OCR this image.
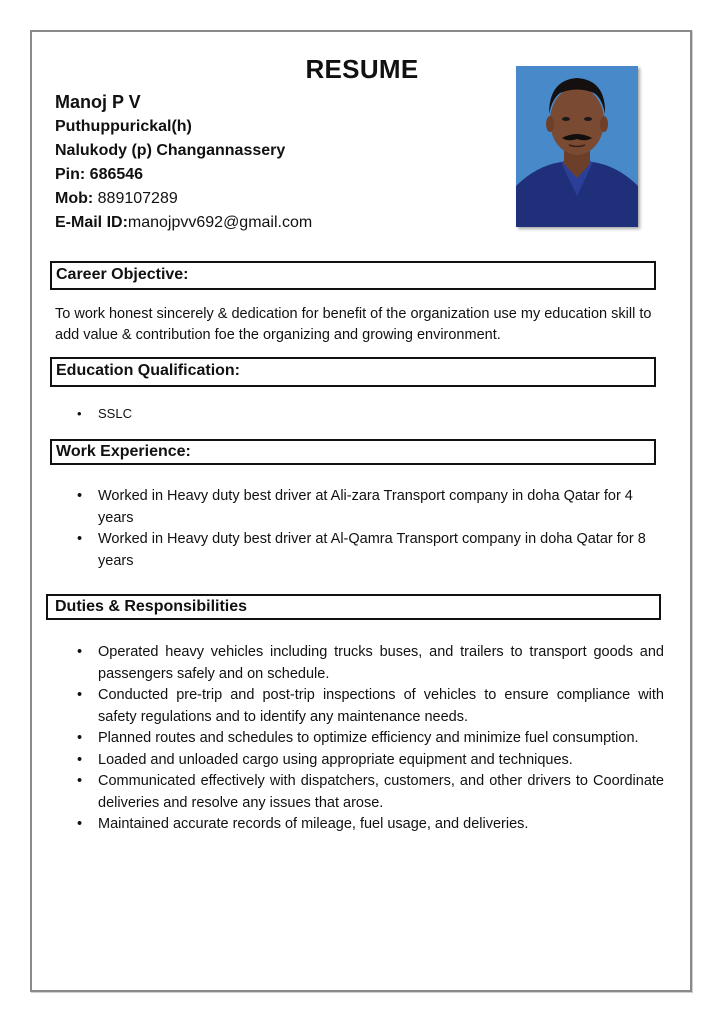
RESUME
Manoj P V
Puthuppurickal(h)
Nalukody (p) Changannassery
Pin: 686546
Mob: 889107289
E-Mail ID:manojpvv692@gmail.com
Career Objective:
To work honest sincerely & dedication for benefit of the organization use my education skill to add value & contribution foe the organizing and growing environment.
Education Qualification:
• SSLC
Work Experience:
• Worked in Heavy duty best driver at Ali-zara Transport company in doha Qatar for 4 years
• Worked in Heavy duty best driver at Al-Qamra Transport company in doha Qatar for 8 years
Duties & Responsibilities
• Operated heavy vehicles including trucks buses, and trailers to transport goods and passengers safely and on schedule.
• Conducted pre-trip and post-trip inspections of vehicles to ensure compliance with safety regulations and to identify any maintenance needs.
• Planned routes and schedules to optimize efficiency and minimize fuel consumption.
• Loaded and unloaded cargo using appropriate equipment and techniques.
• Communicated effectively with dispatchers, customers, and other drivers to Coordinate deliveries and resolve any issues that arose.
• Maintained accurate records of mileage, fuel usage, and deliveries.
